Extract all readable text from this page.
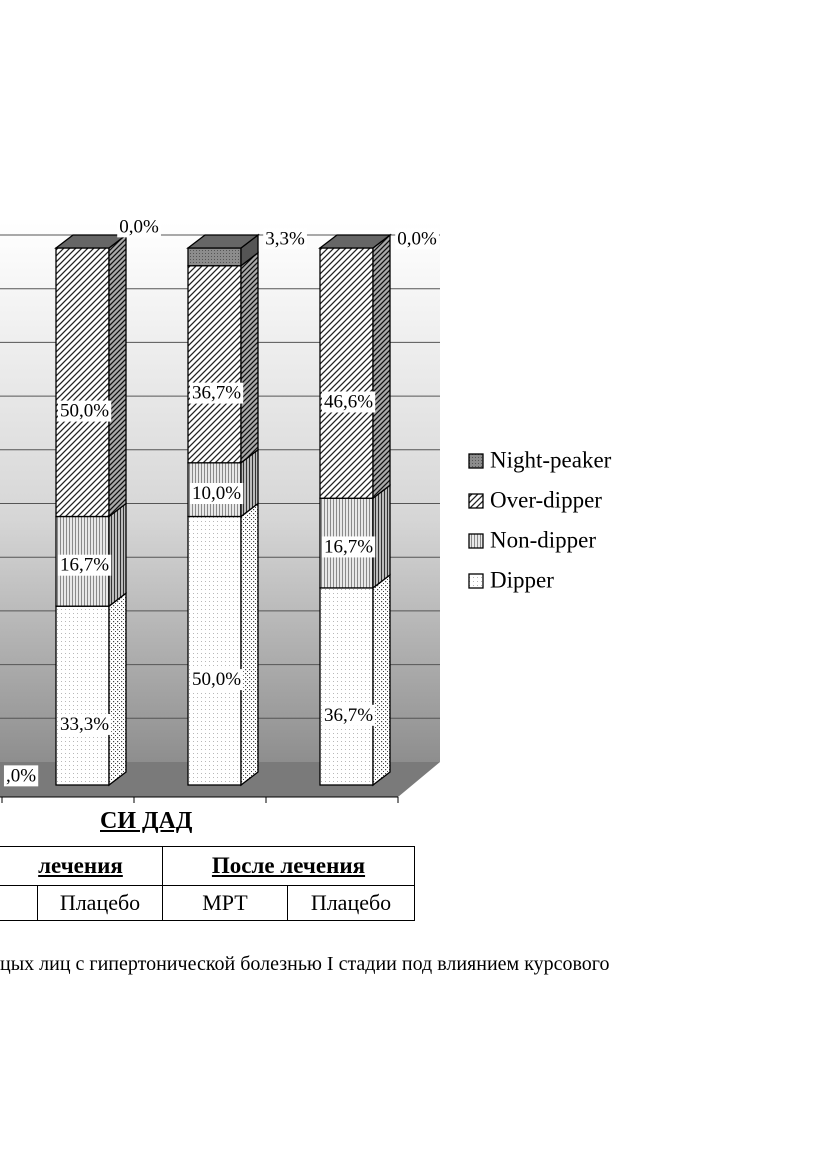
,0%
33,3%
16,7%
50,0%
0,0%
50,0%
10,0%
36,7%
3,3%
36,7%
16,7%
46,6%
0,0%
Night-peaker
Over-dipper
Non-dipper
Dipper

СИ ДАД

лечения		После лечения	
	Плацебо	МРТ	Плацебо

цых лиц с гипертонической болезнью I стадии под влиянием курсового
